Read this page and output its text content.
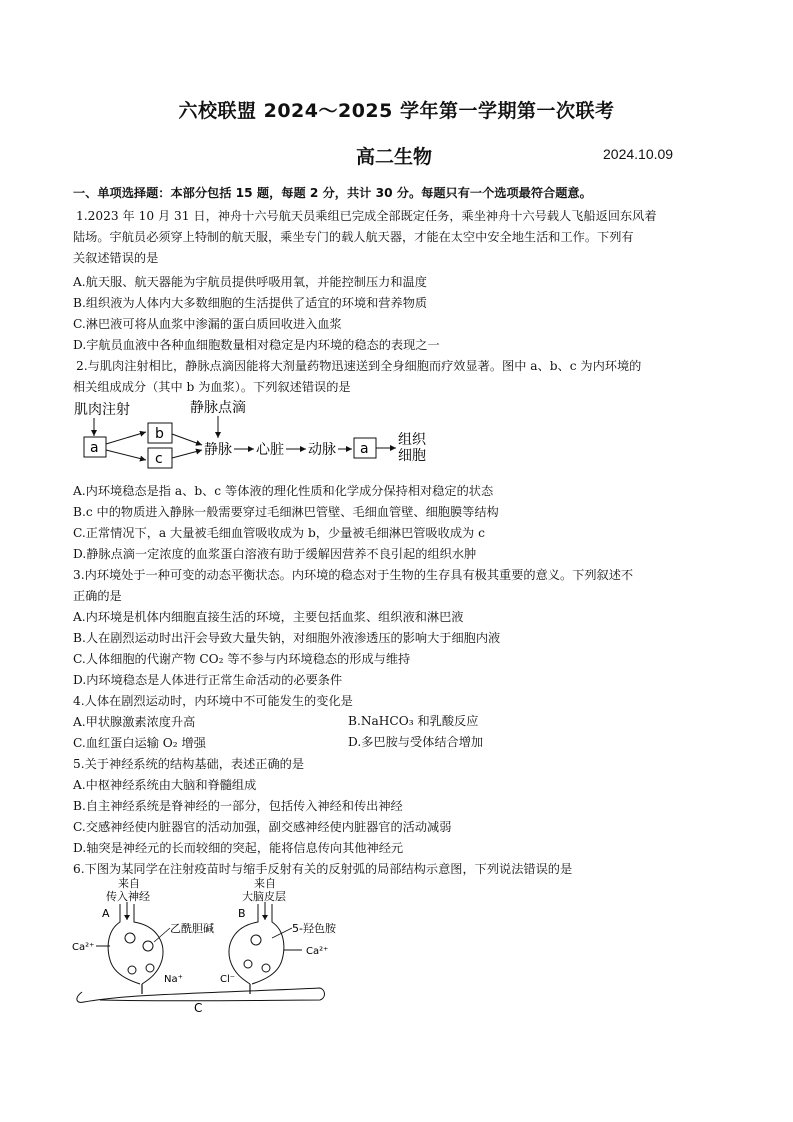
六校联盟 2024～2025 学年第一学期第一次联考
高二生物	2024.10.09
一、单项选择题：本部分包括 15 题，每题 2 分，共计 30 分。每题只有一个选项最符合题意。
1.2023 年 10 月 31 日，神舟十六号航天员乘组已完成全部既定任务，乘坐神舟十六号载人飞船返回东风着
陆场。宇航员必须穿上特制的航天服，乘坐专门的载人航天器，才能在太空中安全地生活和工作。下列有
关叙述错误的是
A.航天服、航天器能为宇航员提供呼吸用氧，并能控制压力和温度
B.组织液为人体内大多数细胞的生活提供了适宜的环境和营养物质
C.淋巴液可将从血浆中渗漏的蛋白质回收进入血浆
D.宇航员血液中各种血细胞数量相对稳定是内环境的稳态的表现之一
2.与肌肉注射相比，静脉点滴因能将大剂量药物迅速送到全身细胞而疗效显著。图中 a、b、c 为内环境的
相关组成成分（其中 b 为血浆）。下列叙述错误的是
肌肉注射
a
b
c
静脉点滴
静脉 心脏 动脉 a
组织
细胞
A.内环境稳态是指 a、b、c 等体液的理化性质和化学成分保持相对稳定的状态
B.c 中的物质进入静脉一般需要穿过毛细淋巴管壁、毛细血管壁、细胞膜等结构
C.正常情况下，a 大量被毛细血管吸收成为 b，少量被毛细淋巴管吸收成为 c
D.静脉点滴一定浓度的血浆蛋白溶液有助于缓解因营养不良引起的组织水肿
3.内环境处于一种可变的动态平衡状态。内环境的稳态对于生物的生存具有极其重要的意义。下列叙述不
正确的是
A.内环境是机体内细胞直接生活的环境，主要包括血浆、组织液和淋巴液
B.人在剧烈运动时出汗会导致大量失钠，对细胞外液渗透压的影响大于细胞内液
C.人体细胞的代谢产物 CO₂ 等不参与内环境稳态的形成与维持
D.内环境稳态是人体进行正常生命活动的必要条件
4.人体在剧烈运动时，内环境中不可能发生的变化是
A.甲状腺激素浓度升高	B.NaHCO₃ 和乳酸反应
C.血红蛋白运输 O₂ 增强	D.多巴胺与受体结合增加
5.关于神经系统的结构基础，表述正确的是
A.中枢神经系统由大脑和脊髓组成
B.自主神经系统是脊神经的一部分，包括传入神经和传出神经
C.交感神经使内脏器官的活动加强，副交感神经使内脏器官的活动减弱
D.轴突是神经元的长而较细的突起，能将信息传向其他神经元
6.下图为某同学在注射疫苗时与缩手反射有关的反射弧的局部结构示意图，下列说法错误的是
来自
传入神经
A
乙酰胆碱
Ca²⁺
Na⁺
来自
大脑皮层
B
5-羟色胺
Ca²⁺
Cl⁻
C
